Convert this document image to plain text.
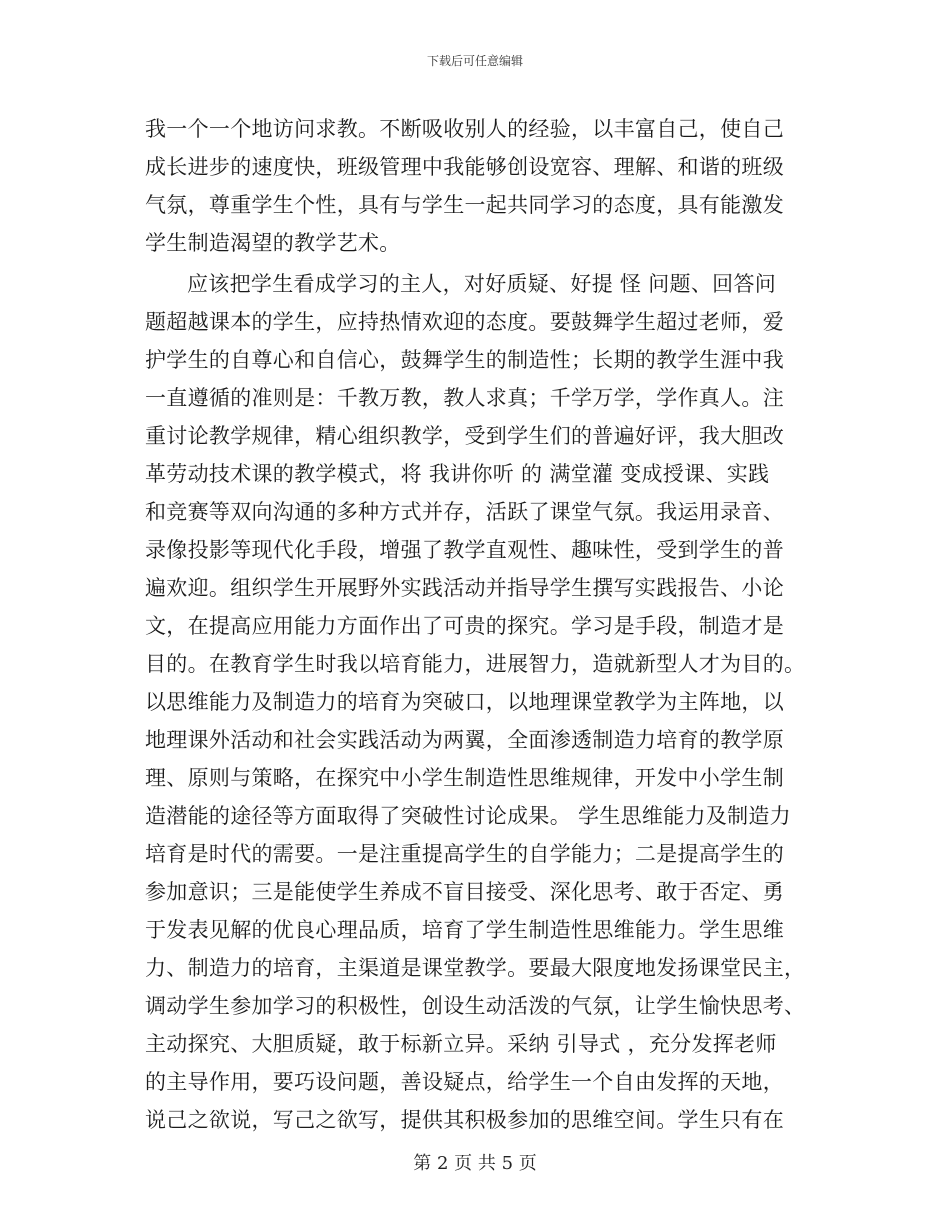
下载后可任意编辑
我一个一个地访问求教。不断吸收别人的经验，以丰富自己，使自己
成长进步的速度快，班级管理中我能够创设宽容、理解、和谐的班级
气氛，尊重学生个性，具有与学生一起共同学习的态度，具有能激发
学生制造渴望的教学艺术。
应该把学生看成学习的主人，对好质疑、好提 怪 问题、回答问
题超越课本的学生，应持热情欢迎的态度。要鼓舞学生超过老师，爱
护学生的自尊心和自信心，鼓舞学生的制造性；长期的教学生涯中我
一直遵循的准则是：千教万教，教人求真；千学万学，学作真人。注
重讨论教学规律，精心组织教学，受到学生们的普遍好评，我大胆改
革劳动技术课的教学模式，将 我讲你听 的 满堂灌 变成授课、实践
和竞赛等双向沟通的多种方式并存，活跃了课堂气氛。我运用录音、
录像投影等现代化手段，增强了教学直观性、趣味性，受到学生的普
遍欢迎。组织学生开展野外实践活动并指导学生撰写实践报告、小论
文，在提高应用能力方面作出了可贵的探究。学习是手段，制造才是
目的。在教育学生时我以培育能力，进展智力，造就新型人才为目的。
以思维能力及制造力的培育为突破口，以地理课堂教学为主阵地，以
地理课外活动和社会实践活动为两翼，全面渗透制造力培育的教学原
理、原则与策略，在探究中小学生制造性思维规律，开发中小学生制
造潜能的途径等方面取得了突破性讨论成果。 学生思维能力及制造力
培育是时代的需要。一是注重提高学生的自学能力；二是提高学生的
参加意识；三是能使学生养成不盲目接受、深化思考、敢于否定、勇
于发表见解的优良心理品质，培育了学生制造性思维能力。学生思维
力、制造力的培育，主渠道是课堂教学。要最大限度地发扬课堂民主，
调动学生参加学习的积极性，创设生动活泼的气氛，让学生愉快思考、
主动探究、大胆质疑，敢于标新立异。采纳 引导式 ，充分发挥老师
的主导作用，要巧设问题，善设疑点，给学生一个自由发挥的天地，
说己之欲说，写己之欲写，提供其积极参加的思维空间。学生只有在
第 2 页 共 5 页
